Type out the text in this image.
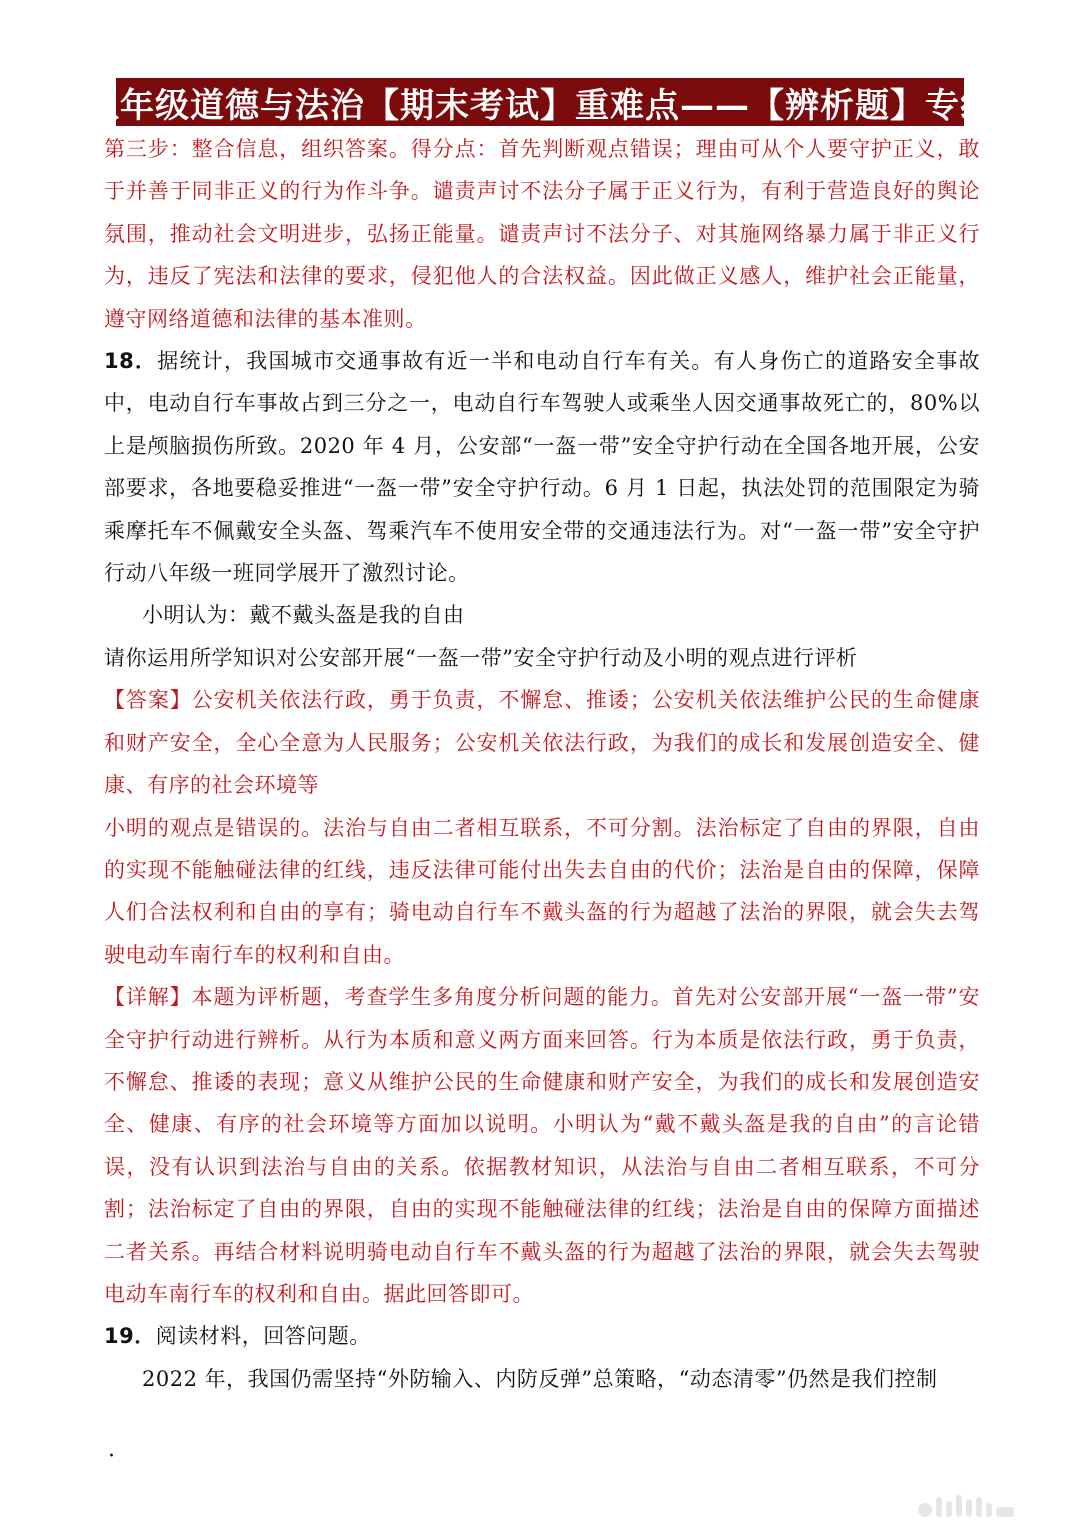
八年级道德与法治【期末考试】重难点——【辨析题】专练

第三步：整合信息，组织答案。得分点：首先判断观点错误；理由可从个人要守护正义，敢于并善于同非正义的行为作斗争。谴责声讨不法分子属于正义行为，有利于营造良好的舆论氛围，推动社会文明进步，弘扬正能量。谴责声讨不法分子、对其施网络暴力属于非正义行为，违反了宪法和法律的要求，侵犯他人的合法权益。因此做正义感人，维护社会正能量，遵守网络道德和法律的基本准则。

18．据统计，我国城市交通事故有近一半和电动自行车有关。有人身伤亡的道路安全事故中，电动自行车事故占到三分之一，电动自行车驾驶人或乘坐人因交通事故死亡的，80%以上是颅脑损伤所致。2020 年 4 月，公安部“一盔一带”安全守护行动在全国各地开展，公安部要求，各地要稳妥推进“一盔一带”安全守护行动。6 月 1 日起，执法处罚的范围限定为骑乘摩托车不佩戴安全头盔、驾乘汽车不使用安全带的交通违法行为。对“一盔一带”安全守护行动八年级一班同学展开了激烈讨论。

小明认为：戴不戴头盔是我的自由

请你运用所学知识对公安部开展“一盔一带”安全守护行动及小明的观点进行评析

【答案】公安机关依法行政，勇于负责，不懈怠、推诿；公安机关依法维护公民的生命健康和财产安全，全心全意为人民服务；公安机关依法行政，为我们的成长和发展创造安全、健康、有序的社会环境等

小明的观点是错误的。法治与自由二者相互联系，不可分割。法治标定了自由的界限，自由的实现不能触碰法律的红线，违反法律可能付出失去自由的代价；法治是自由的保障，保障人们合法权利和自由的享有；骑电动自行车不戴头盔的行为超越了法治的界限，就会失去驾驶电动车南行车的权利和自由。

【详解】本题为评析题，考查学生多角度分析问题的能力。首先对公安部开展“一盔一带”安全守护行动进行辨析。从行为本质和意义两方面来回答。行为本质是依法行政，勇于负责，不懈怠、推诿的表现；意义从维护公民的生命健康和财产安全，为我们的成长和发展创造安全、健康、有序的社会环境等方面加以说明。小明认为“戴不戴头盔是我的自由”的言论错误，没有认识到法治与自由的关系。依据教材知识，从法治与自由二者相互联系，不可分割；法治标定了自由的界限，自由的实现不能触碰法律的红线；法治是自由的保障方面描述二者关系。再结合材料说明骑电动自行车不戴头盔的行为超越了法治的界限，就会失去驾驶电动车南行车的权利和自由。据此回答即可。

19．阅读材料，回答问题。

2022 年，我国仍需坚持“外防输入、内防反弹”总策略，“动态清零”仍然是我们控制

·
